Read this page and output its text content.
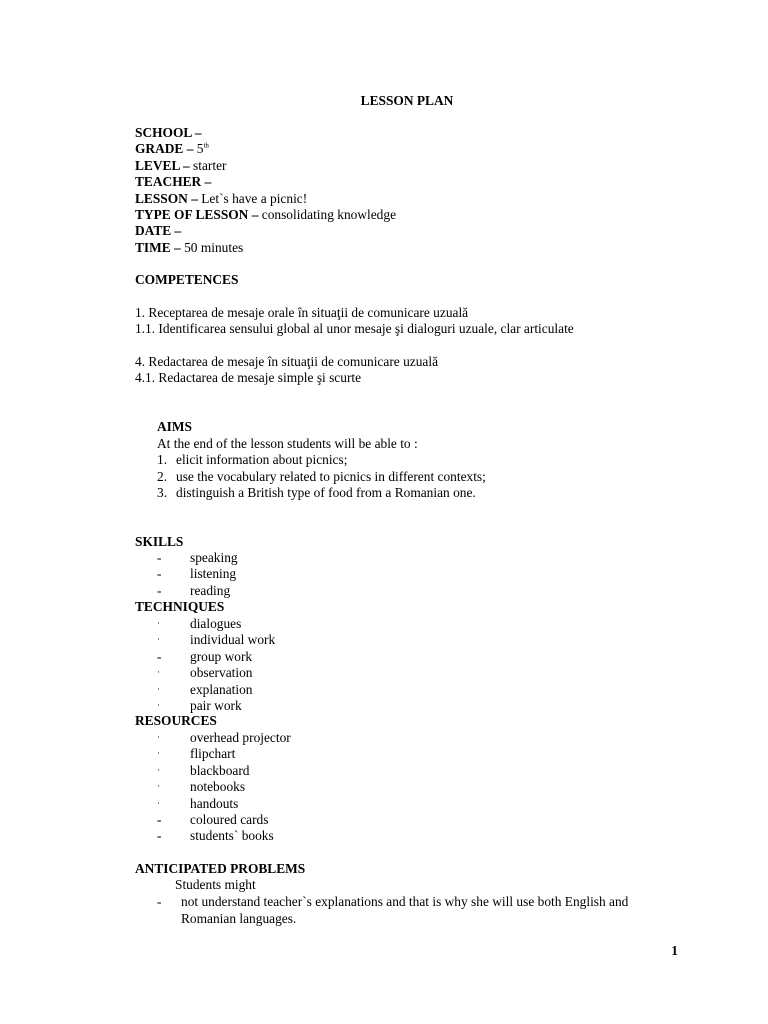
LESSON PLAN
SCHOOL –
GRADE – 5th
LEVEL – starter
TEACHER –
LESSON – Let`s have a picnic!
TYPE OF LESSON – consolidating knowledge
DATE –
TIME – 50 minutes
COMPETENCES
1. Receptarea de mesaje orale în situaţii de comunicare uzuală
1.1. Identificarea sensului global al unor mesaje şi dialoguri uzuale, clar articulate
4. Redactarea de mesaje în situaţii de comunicare uzuală
4.1. Redactarea de mesaje simple şi scurte
AIMS
At the end of the lesson students will be able to :
1. elicit information about picnics;
2. use the vocabulary related to picnics in different contexts;
3. distinguish a British type of food from a Romanian one.
SKILLS
- speaking
- listening
- reading
TECHNIQUES
· dialogues
· individual work
- group work
· observation
· explanation
· pair work
RESOURCES
· overhead projector
· flipchart
· blackboard
· notebooks
· handouts
- coloured cards
- students` books
ANTICIPATED PROBLEMS
Students might
- not understand teacher`s explanations and that is why she will use both English and
Romanian languages.
1
